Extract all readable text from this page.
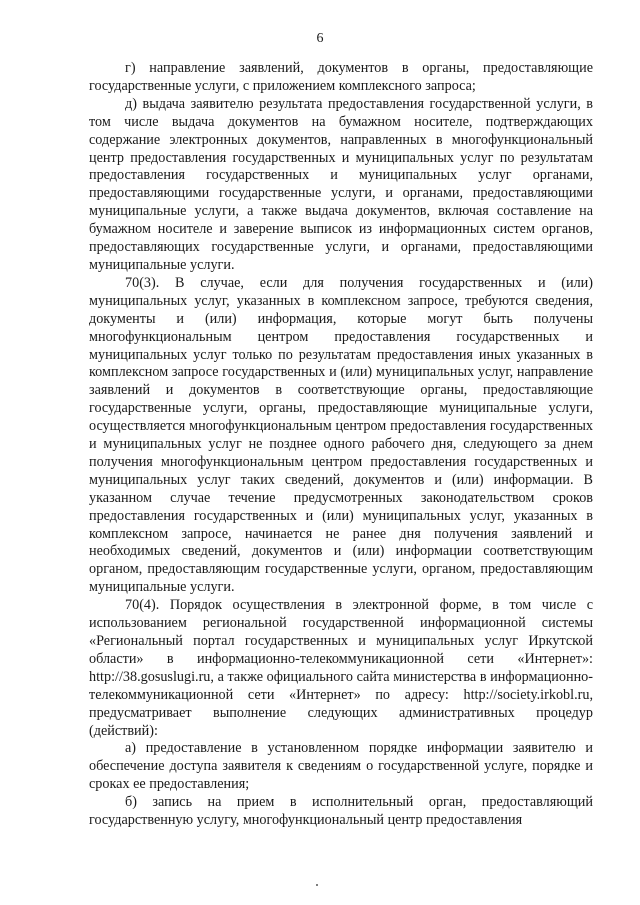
6

г) направление заявлений, документов в органы, предоставляющие государственные услуги, с приложением комплексного запроса;

д) выдача заявителю результата предоставления государственной услуги, в том числе выдача документов на бумажном носителе, подтверждающих содержание электронных документов, направленных в многофункциональный центр предоставления государственных и муниципальных услуг по результатам предоставления государственных и муниципальных услуг органами, предоставляющими государственные услуги, и органами, предоставляющими муниципальные услуги, а также выдача документов, включая составление на бумажном носителе и заверение выписок из информационных систем органов, предоставляющих государственные услуги, и органами, предоставляющими муниципальные услуги.

70(3). В случае, если для получения государственных и (или) муниципальных услуг, указанных в комплексном запросе, требуются сведения, документы и (или) информация, которые могут быть получены многофункциональным центром предоставления государственных и муниципальных услуг только по результатам предоставления иных указанных в комплексном запросе государственных и (или) муниципальных услуг, направление заявлений и документов в соответствующие органы, предоставляющие государственные услуги, органы, предоставляющие муниципальные услуги, осуществляется многофункциональным центром предоставления государственных и муниципальных услуг не позднее одного рабочего дня, следующего за днем получения многофункциональным центром предоставления государственных и муниципальных услуг таких сведений, документов и (или) информации. В указанном случае течение предусмотренных законодательством сроков предоставления государственных и (или) муниципальных услуг, указанных в комплексном запросе, начинается не ранее дня получения заявлений и необходимых сведений, документов и (или) информации соответствующим органом, предоставляющим государственные услуги, органом, предоставляющим муниципальные услуги.

70(4). Порядок осуществления в электронной форме, в том числе с использованием региональной государственной информационной системы «Региональный портал государственных и муниципальных услуг Иркутской области» в информационно-телекоммуникационной сети «Интернет»: http://38.gosuslugi.ru, а также официального сайта министерства в информационно-телекоммуникационной сети «Интернет» по адресу: http://society.irkobl.ru, предусматривает выполнение следующих административных процедур (действий):

а) предоставление в установленном порядке информации заявителю и обеспечение доступа заявителя к сведениям о государственной услуге, порядке и сроках ее предоставления;

б) запись на прием в исполнительный орган, предоставляющий государственную услугу, многофункциональный центр предоставления
